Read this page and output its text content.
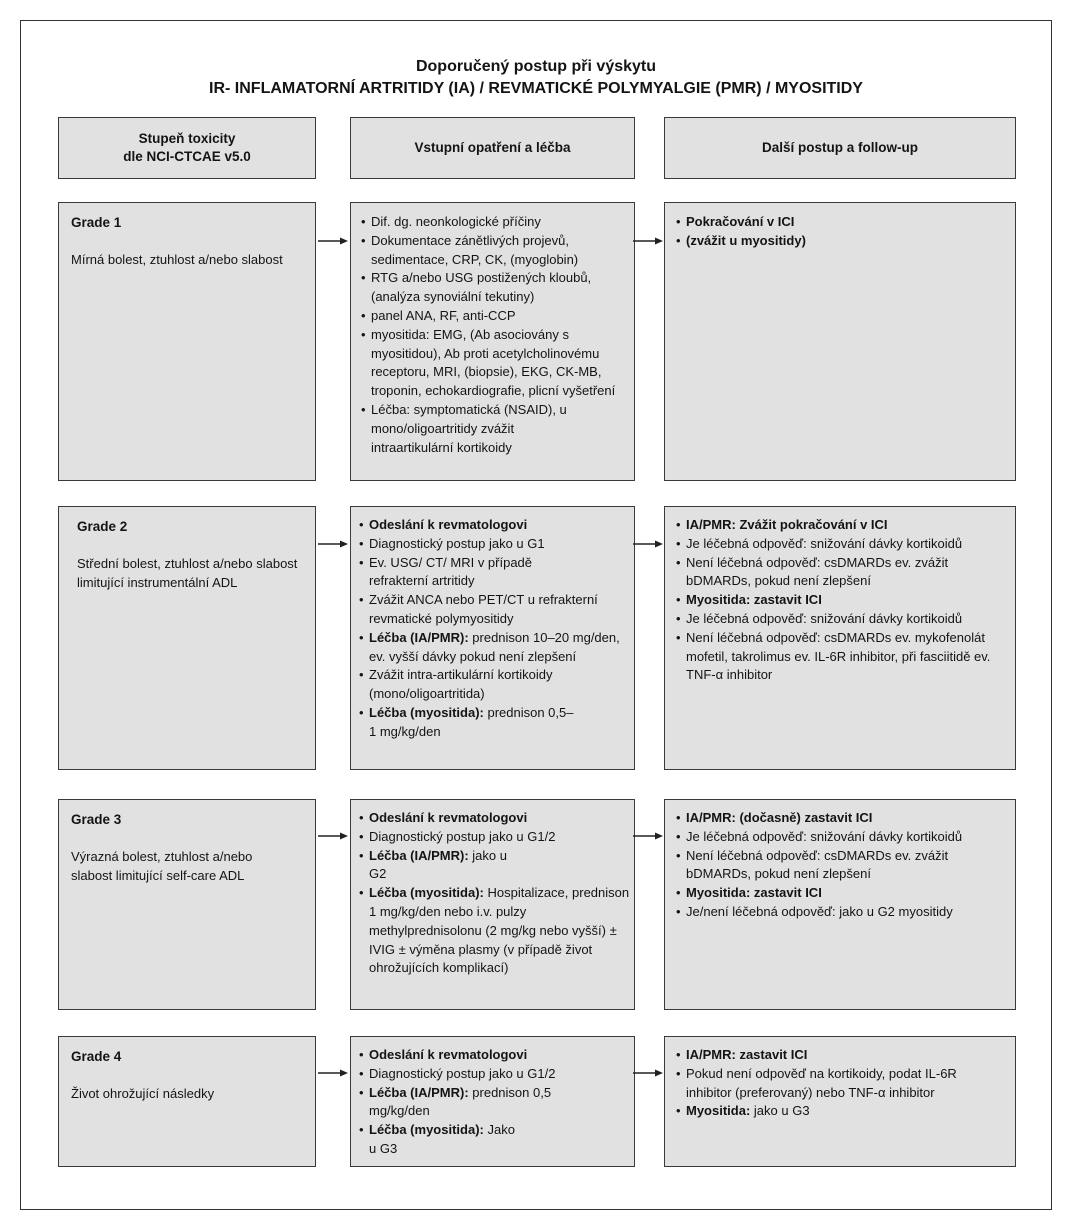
Doporučený postup při výskytu
IR- INFLAMATORNÍ ARTRITIDY (IA) / REVMATICKÉ POLYMYALGIE (PMR) / MYOSITIDY
Stupeň toxicity
dle NCI-CTCAE v5.0
Vstupní opatření a léčba	Další postup a follow-up
Grade 1
Mírná bolest, ztuhlost a/nebo slabost
• Dif. dg. neonkologické příčiny
• Dokumentace zánětlivých projevů, sedimentace, CRP, CK, (myoglobin)
• RTG a/nebo USG postižených kloubů, (analýza synoviální tekutiny)
• panel ANA, RF, anti-CCP
• myositida: EMG, (Ab asociovány s myositidou), Ab proti acetylcholinovému receptoru, MRI, (biopsie), EKG, CK-MB, troponin, echokardiografie, plicní vyšetření
• Léčba: symptomatická (NSAID), u mono/oligoartritidy zvážit intraartikulární kortikoidy
• Pokračování v ICI
• (zvážit u myositidy)
Grade 2
Střední bolest, ztuhlost a/nebo slabost limitující instrumentální ADL
• Odeslání k revmatologovi
• Diagnostický postup jako u G1
• Ev. USG/ CT/ MRI v případě refrakterní artritidy
• Zvážit ANCA nebo PET/CT u refrakterní revmatické polymyositidy
• Léčba (IA/PMR): prednison 10–20 mg/den, ev. vyšší dávky pokud není zlepšení
• Zvážit intra-artikulární kortikoidy (mono/oligoartritida)
• Léčba (myositida): prednison 0,5–1 mg/kg/den
• IA/PMR: Zvážit pokračování v ICI
• Je léčebná odpověď: snižování dávky kortikoidů
• Není léčebná odpověď: csDMARDs ev. zvážit bDMARDs, pokud není zlepšení
• Myositida: zastavit ICI
• Je léčebná odpověď: snižování dávky kortikoidů
• Není léčebná odpověď: csDMARDs ev. mykofenolát mofetil, takrolimus ev. IL-6R inhibitor, při fasciitidě ev. TNF-α inhibitor
Grade 3
Výrazná bolest, ztuhlost a/nebo slabost limitující self-care ADL
• Odeslání k revmatologovi
• Diagnostický postup jako u G1/2
• Léčba (IA/PMR): jako u G2
• Léčba (myositida): Hospitalizace, prednison 1 mg/kg/den nebo i.v. pulzy methylprednisolonu (2 mg/kg nebo vyšší) ± IVIG ± výměna plasmy (v případě život ohrožujících komplikací)
• IA/PMR: (dočasně) zastavit ICI
• Je léčebná odpověď: snižování dávky kortikoidů
• Není léčebná odpověď: csDMARDs ev. zvážit bDMARDs, pokud není zlepšení
• Myositida: zastavit ICI
• Je/není léčebná odpověď: jako u G2 myositidy
Grade 4
Život ohrožující následky
• Odeslání k revmatologovi
• Diagnostický postup jako u G1/2
• Léčba (IA/PMR): prednison 0,5 mg/kg/den
• Léčba (myositida): Jako u G3
• IA/PMR: zastavit ICI
• Pokud není odpověď na kortikoidy, podat IL-6R inhibitor (preferovaný) nebo TNF-α inhibitor
• Myositida: jako u G3
